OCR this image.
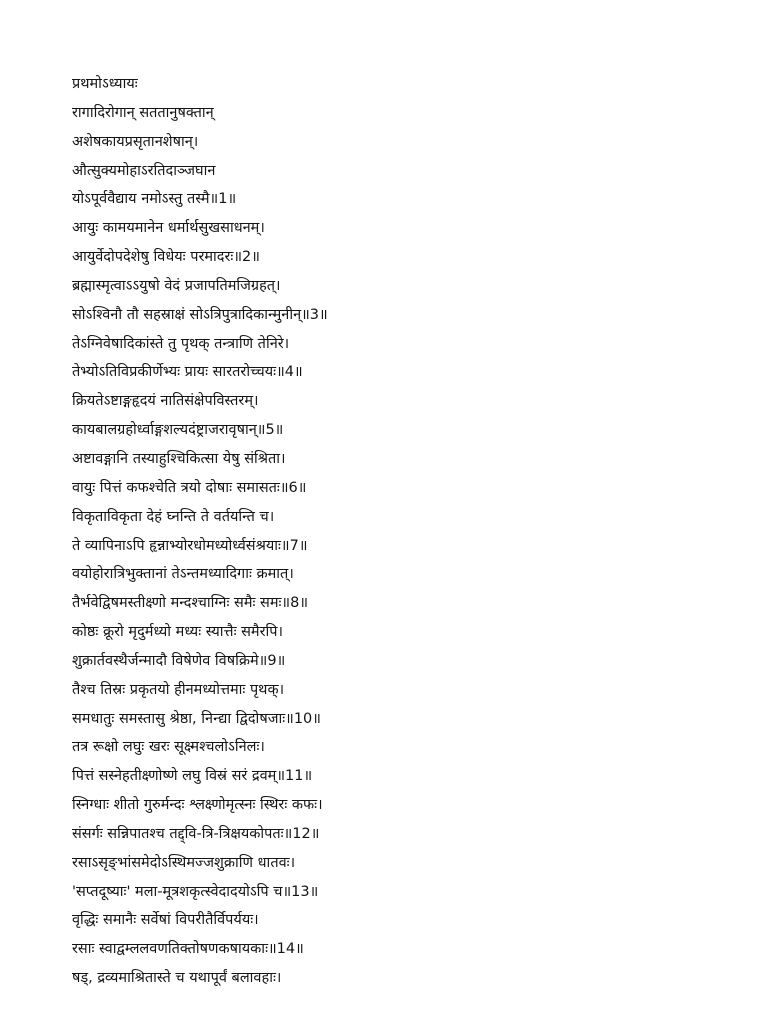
प्रथमोऽध्यायः
रागादिरोगान् सततानुषक्तान्
अशेषकायप्रसृतानशेषान्।
औत्सुक्यमोहाऽरतिदाञ्जघान
योऽपूर्ववैद्याय नमोऽस्तु तस्मै॥1॥
आयुः कामयमानेन धर्मार्थसुखसाधनम्।
आयुर्वेदोपदेशेषु विधेयः परमादरः॥2॥
ब्रह्मास्मृत्वाऽऽयुषो वेदं प्रजापतिमजिग्रहत्।
सोऽश्विनौ तौ सहस्राक्षं सोऽत्रिपुत्रादिकान्मुनीन्॥3॥
तेऽग्निवेषादिकांस्ते तु पृथक् तन्त्राणि तेनिरे।
तेभ्योऽतिविप्रकीर्णेभ्यः प्रायः सारतरोच्चयः॥4॥
क्रियतेऽष्टाङ्गहृदयं नातिसंक्षेपविस्तरम्।
कायबालग्रहोर्ध्वाङ्गशल्यदंष्ट्राजरावृषान्॥5॥
अष्टावङ्गानि तस्याहुश्चिकित्सा येषु संश्रिता।
वायुः पित्तं कफश्चेति त्रयो दोषाः समासतः॥6॥
विकृताविकृता देहं घ्नन्ति ते वर्तयन्ति च।
ते व्यापिनाऽपि हृन्नाभ्योरधोमध्योर्ध्वसंश्रयाः॥7॥
वयोहोरात्रिभुक्तानां तेऽन्तमध्यादिगाः क्रमात्।
तैर्भवेद्विषमस्तीक्ष्णो मन्दश्चाग्निः समैः समः॥8॥
कोष्ठः क्रूरो मृदुर्मध्यो मध्यः स्यात्तैः समैरपि।
शुक्रार्तवस्थैर्जन्मादौ विषेणेव विषक्रिमे॥9॥
तैश्च तिस्रः प्रकृतयो हीनमध्योत्तमाः पृथक्।
समधातुः समस्तासु श्रेष्ठा, निन्द्या द्विदोषजाः॥10॥
तत्र रूक्षो लघुः खरः सूक्ष्मश्चलोऽनिलः।
पित्तं सस्नेहतीक्ष्णोष्णे लघु विस्रं सरं द्रवम्॥11॥
स्निग्धाः शीतो गुरुर्मन्दः श्लक्ष्णोमृत्स्नः स्थिरः कफः।
संसर्गः सन्निपातश्च तद्द्वि-त्रि-त्रिक्षयकोपतः॥12॥
रसाऽसृङ्भांसमेदोऽस्थिमज्जशुक्राणि धातवः।
'सप्तदूष्याः' मला-मूत्रशकृत्स्वेदादयोऽपि च॥13॥
वृद्धिः समानैः सर्वेषां विपरीतैर्विपर्ययः।
रसाः स्वाद्वम्ललवणतिक्तोषणकषायकाः॥14॥
षड्, द्रव्यमाश्रितास्ते च यथापूर्वं बलावहाः।
